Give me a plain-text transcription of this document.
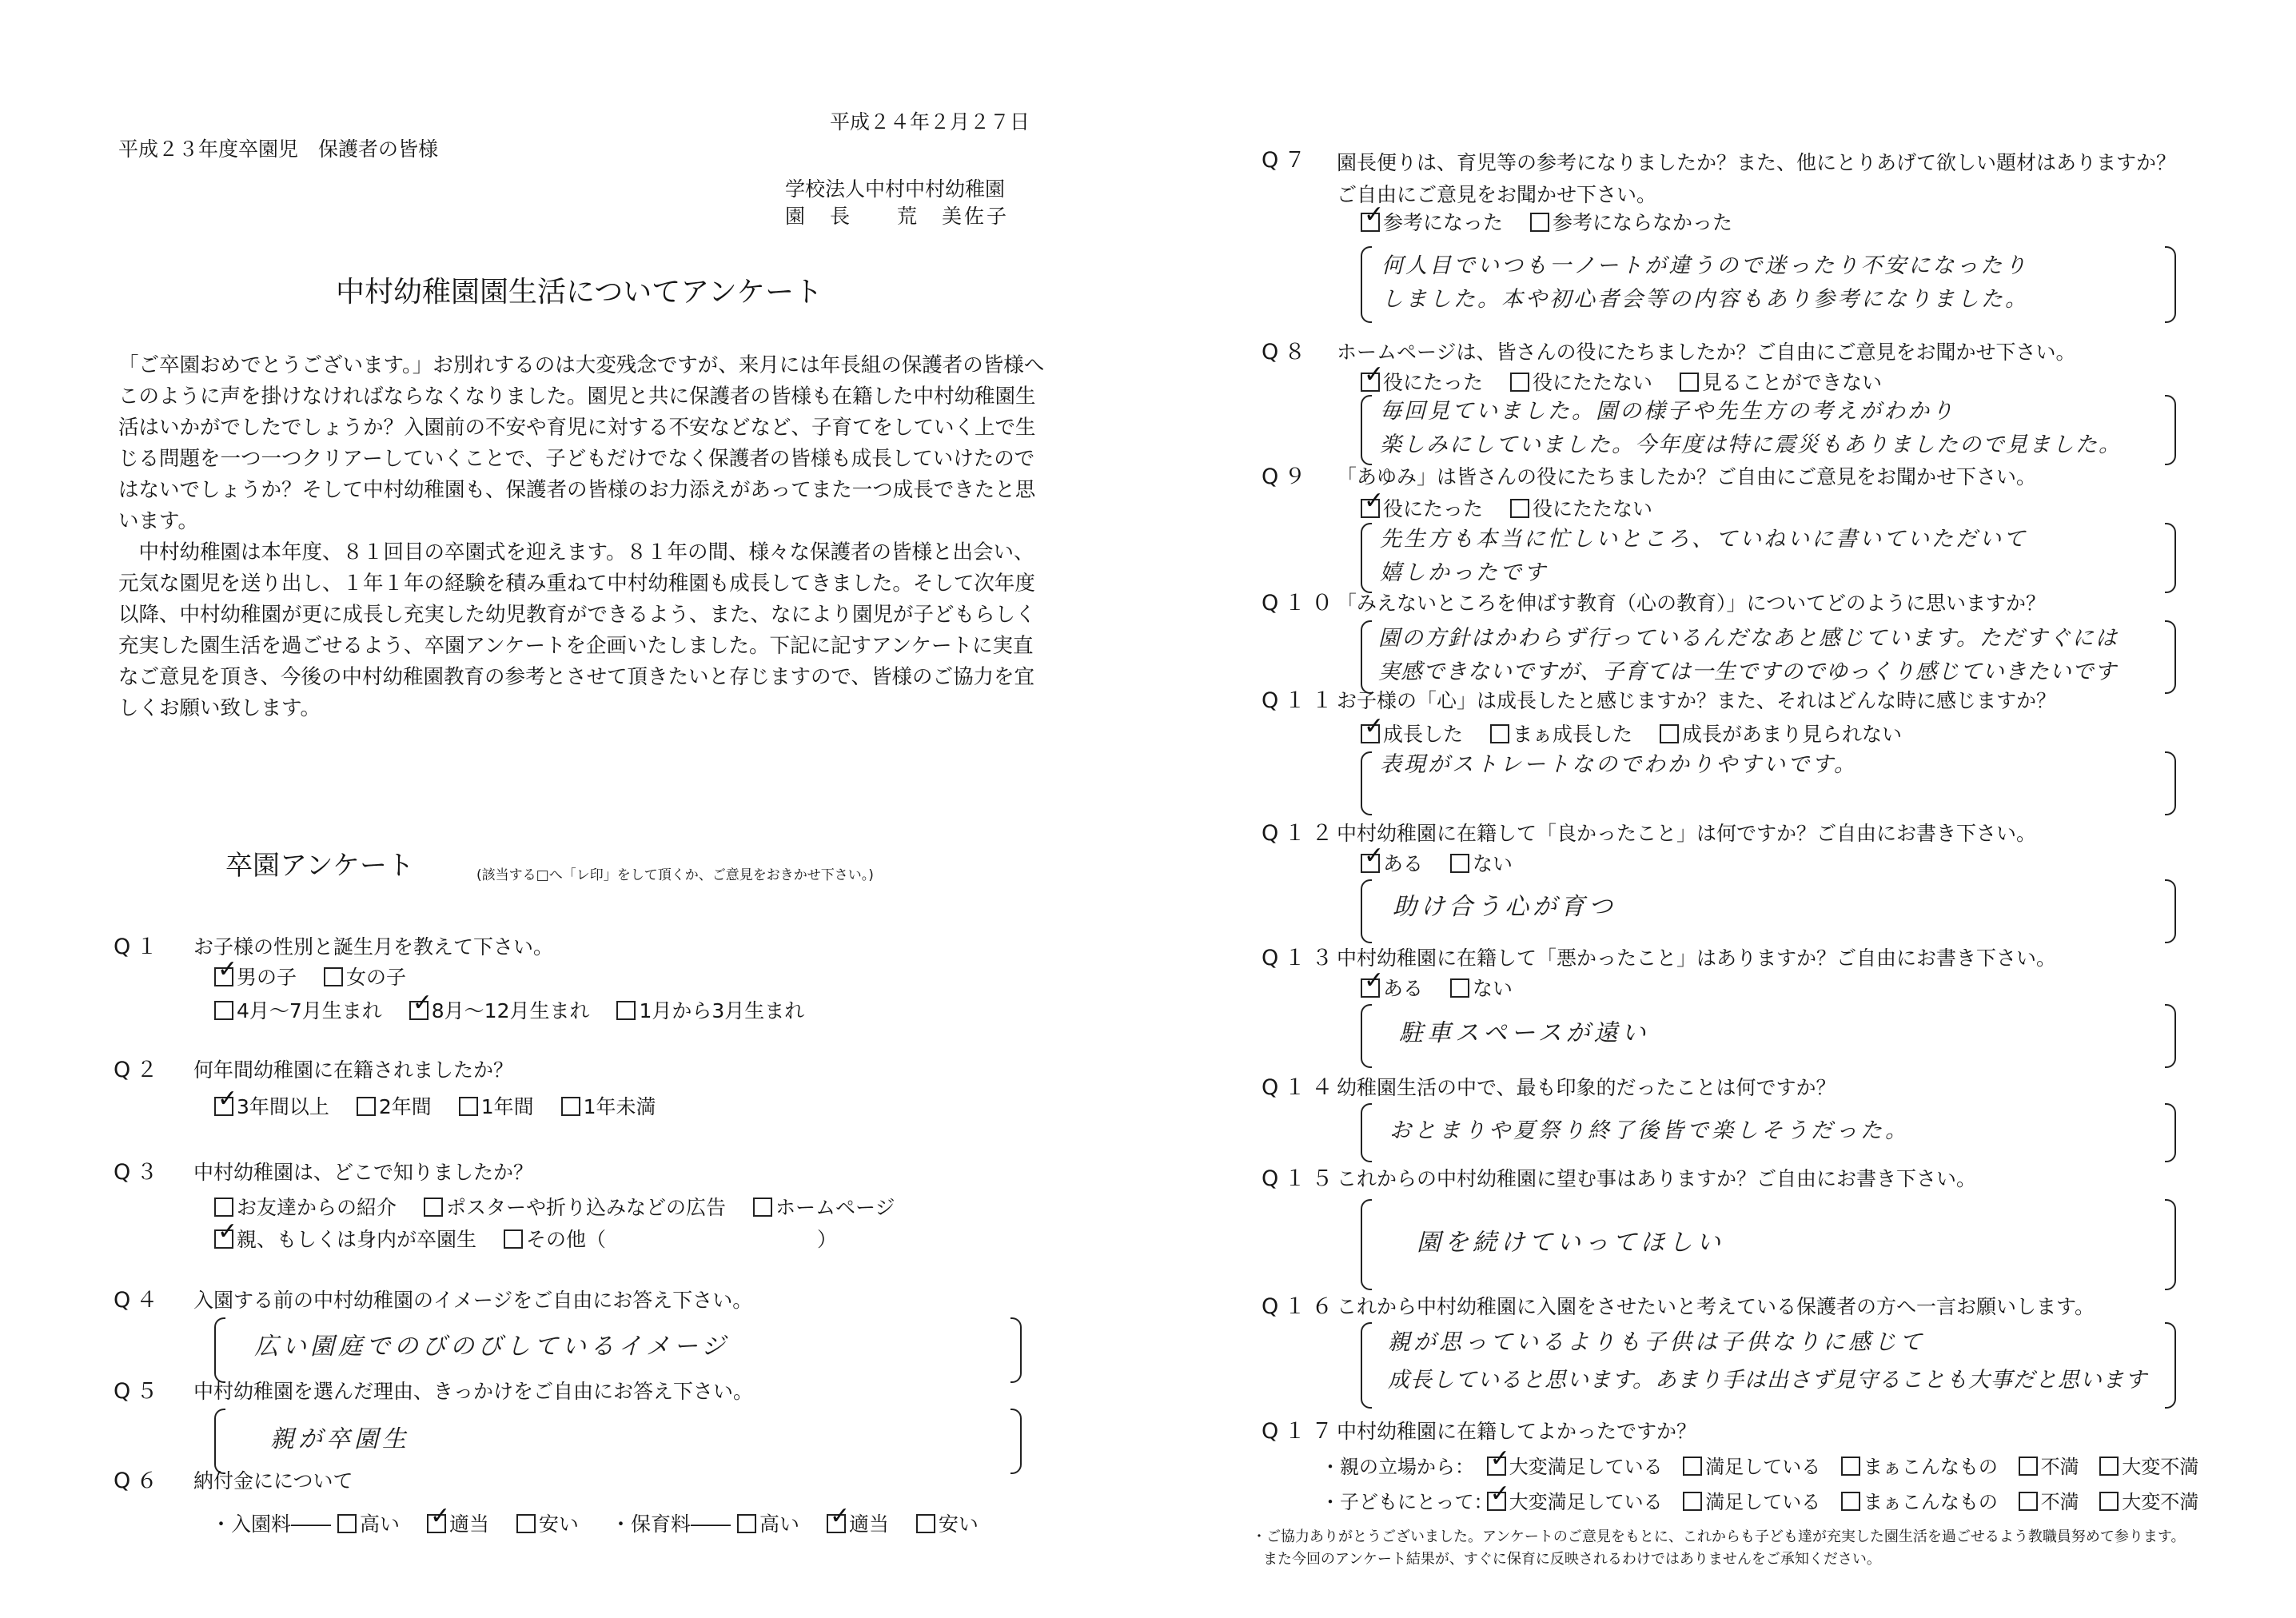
平成２４年２月２７日
平成２３年度卒園児　保護者の皆様
学校法人中村中村幼稚園
園　長　　荒　美佐子
中村幼稚園園生活についてアンケート

「ご卒園おめでとうございます。」お別れするのは大変残念ですが、来月には年長組の保護者の皆様へこのように声を掛けなければならなくなりました。園児と共に保護者の皆様も在籍した中村幼稚園生活はいかがでしたでしょうか？入園前の不安や育児に対する不安などなど、子育てをしていく上で生じる問題を一つ一つクリアーしていくことで、子どもだけでなく保護者の皆様も成長していけたのではないでしょうか？そして中村幼稚園も、保護者の皆様のお力添えがあってまた一つ成長できたと思います。

中村幼稚園は本年度、８１回目の卒園式を迎えます。８１年の間、様々な保護者の皆様と出会い、元気な園児を送り出し、１年１年の経験を積み重ねて中村幼稚園も成長してきました。そして次年度以降、中村幼稚園が更に成長し充実した幼児教育ができるよう、また、なにより園児が子どもらしく充実した園生活を過ごせるよう、卒園アンケートを企画いたしました。下記に記すアンケートに実直なご意見を頂き、今後の中村幼稚園教育の参考とさせて頂きたいと存じますので、皆様のご協力を宜しくお願い致します。

卒園アンケート	(該当する□へ「レ印」をして頂くか、ご意見をおきかせ下さい。)
Q１ お子様の性別と誕生月を教えて下さい。
✓男の子 女の子
4月～7月生まれ ✓ 8月～12月生まれ 1月から3月生まれ
Q２ 何年間幼稚園に在籍されましたか？
✓3年間以上 2年間 1年間 1年未満
Q３ 中村幼稚園は、どこで知りましたか？
お友達からの紹介 ポスターや折り込みなどの広告 ホームページ
✓親、もしくは身内が卒園生 その他（	）
Q４ 入園する前の中村幼稚園のイメージをご自由にお答え下さい。
広い園庭でのびのびしているイメージ
Q５ 中村幼稚園を選んだ理由、きっかけをご自由にお答え下さい。
親が卒園生
Q６ 納付金にについて
・入園料―― 高い ✓ 適当 安い	・保育料―― 高い ✓ 適当 安い
Q７ 園長便りは、育児等の参考になりましたか？また、他にとりあげて欲しい題材はありますか？ご自由にご意見をお聞かせ下さい。
✓参考になった 参考にならなかった
何人目でいつも一ノートが違うので迷ったり不安になったり
しました。本や初心者会等の内容もあり参考になりました。
Q８ ホームページは、皆さんの役にたちましたか？ご自由にご意見をお聞かせ下さい。
✓役にたった 役にたたない 見ることができない
毎回見ていました。園の様子や先生方の考えがわかり
楽しみにしていました。今年度は特に震災もありましたので見ました。
Q９ 「あゆみ」は皆さんの役にたちましたか？ご自由にご意見をお聞かせ下さい。
✓役にたった 役にたたない
先生方も本当に忙しいところ、ていねいに書いていただいて
嬉しかったです
Q１０
「みえないところを伸ばす教育（心の教育）」についてどのように思いますか？
園の方針はかわらず行っているんだなあと感じています。ただすぐには
実感できないですが、子育ては一生ですのでゆっくり感じていきたいです
Q１１
お子様の「心」は成長したと感じますか？また、それはどんな時に感じますか？
✓成長した まぁ成長した 成長があまり見られない
表現がストレートなのでわかりやすいです。
Q１２
中村幼稚園に在籍して「良かったこと」は何ですか？ご自由にお書き下さい。
✓ある ない
助け合う心が育つ
Q１３
中村幼稚園に在籍して「悪かったこと」はありますか？ご自由にお書き下さい。
✓ある ない
駐車スペースが遠い
Q１４
幼稚園生活の中で、最も印象的だったことは何ですか？
おとまりや夏祭り終了後皆で楽しそうだった。
Q１５
これからの中村幼稚園に望む事はありますか？ご自由にお書き下さい。
園を続けていってほしい
Q１６
これから中村幼稚園に入園をさせたいと考えている保護者の方へ一言お願いします。
親が思っているよりも子供は子供なりに感じて
成長していると思います。あまり手は出さず見守ることも大事だと思います
Q１７
中村幼稚園に在籍してよかったですか？
・親の立場から： ✓ 大変満足している 満足している まぁこんなもの 不満 大変不満
・子どもにとって： ✓ 大変満足している 満足している まぁこんなもの 不満 大変不満
・ご協力ありがとうございました。アンケートのご意見をもとに、これからも子ども達が充実した園生活を過ごせるよう教職員努めて参ります。
また今回のアンケート結果が、すぐに保育に反映されるわけではありませんをご承知ください。
